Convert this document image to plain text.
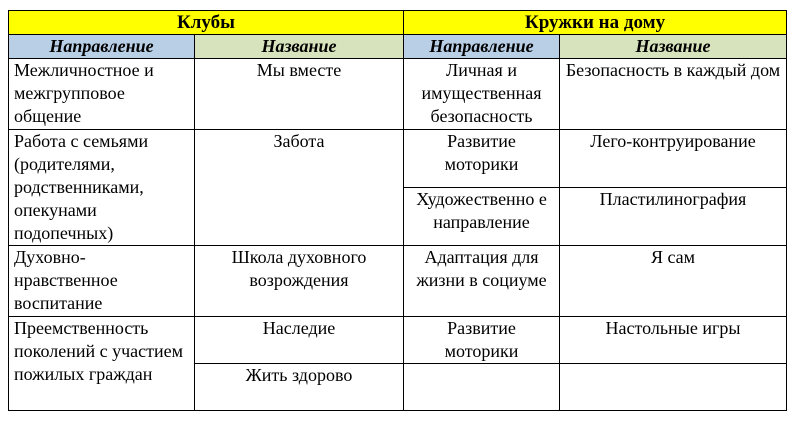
Клубы		Кружки на дому	
Направление	Название	Направление	Название
Межличностное и межгрупповое общение	Мы вместе	Личная и имущественная безопасность	Безопасность в каждый дом
Работа с семьями (родителями, родственниками, опекунами подопечных)	Забота	Развитие моторики	Лего-контруирование
		Художественно е направление	Пластилинография
Духовно-нравственное воспитание	Школа духовного возрождения	Адаптация для жизни в социуме	Я сам
Преемственность поколений с участием пожилых граждан	Наследие	Развитие моторики	Настольные игры
	Жить здорово		
